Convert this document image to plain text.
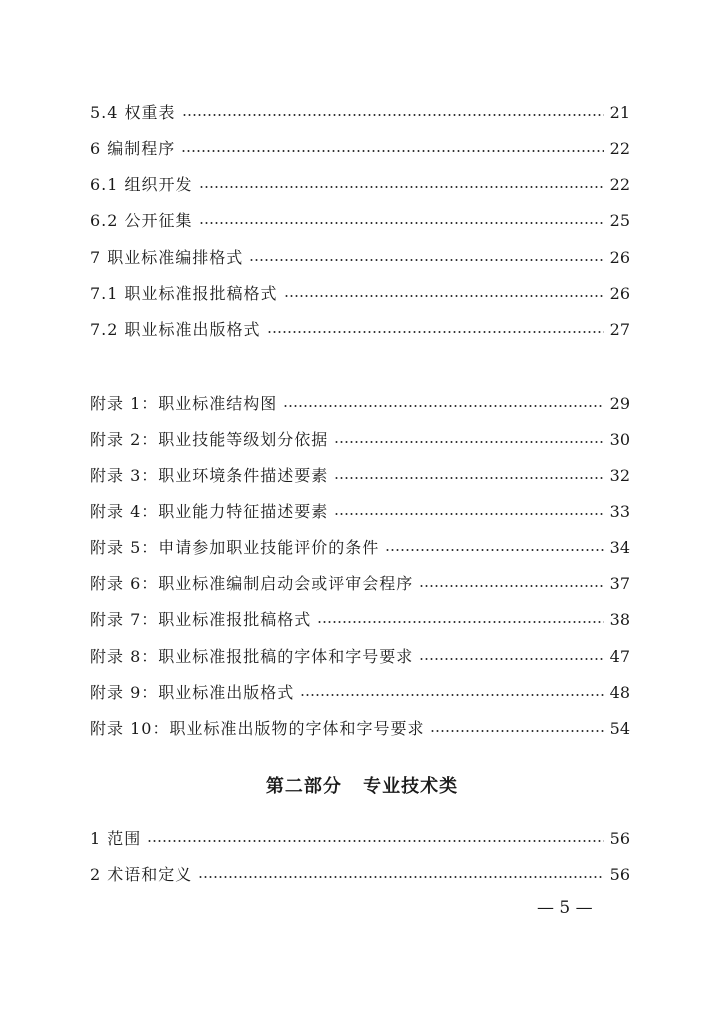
5.4 权重表	21
6 编制程序	22
6.1 组织开发	22
6.2 公开征集	25
7 职业标准编排格式	26
7.1 职业标准报批稿格式	26
7.2 职业标准出版格式	27
附录 1：职业标准结构图	29
附录 2：职业技能等级划分依据	30
附录 3：职业环境条件描述要素	32
附录 4：职业能力特征描述要素	33
附录 5：申请参加职业技能评价的条件	34
附录 6：职业标准编制启动会或评审会程序	37
附录 7：职业标准报批稿格式	38
附录 8：职业标准报批稿的字体和字号要求	47
附录 9：职业标准出版格式	48
附录 10：职业标准出版物的字体和字号要求	54
第二部分 专业技术类
1 范围	56
2 术语和定义	56
— 5 —
